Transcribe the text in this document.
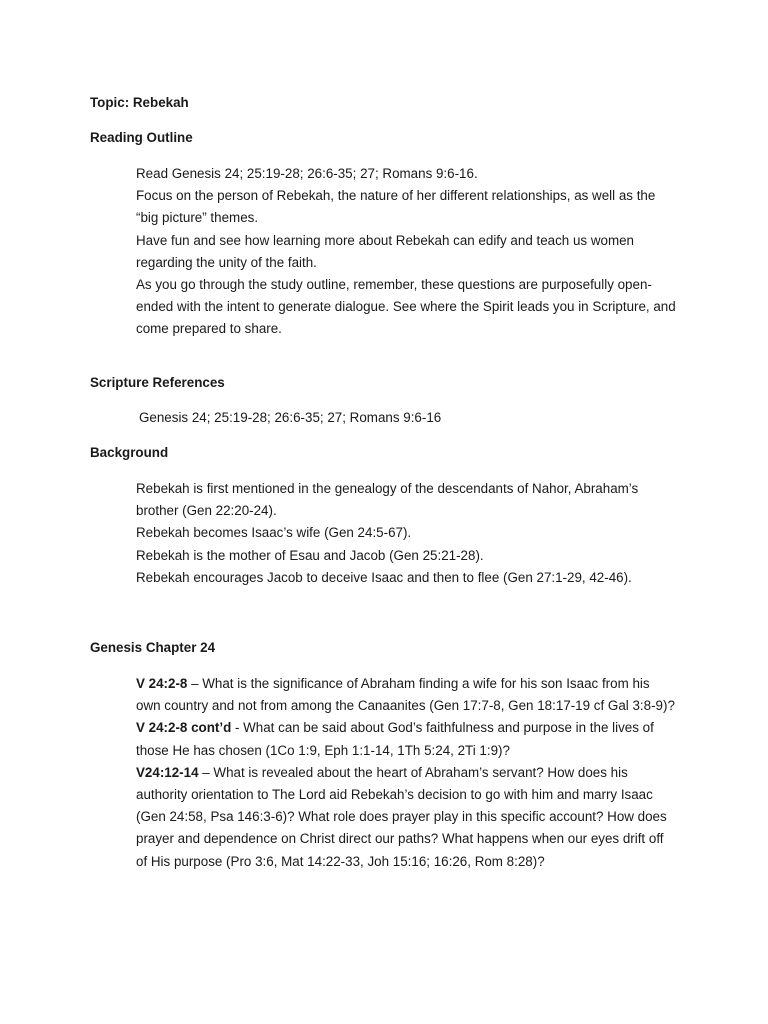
Topic: Rebekah
Reading Outline

Read Genesis 24; 25:19-28; 26:6-35; 27; Romans 9:6-16.

Focus on the person of Rebekah, the nature of her different relationships, as well as the “big picture” themes.

Have fun and see how learning more about Rebekah can edify and teach us women regarding the unity of the faith.

As you go through the study outline, remember, these questions are purposefully open-ended with the intent to generate dialogue. See where the Spirit leads you in Scripture, and come prepared to share.

Scripture References

Genesis 24; 25:19-28; 26:6-35; 27; Romans 9:6-16

Background

Rebekah is first mentioned in the genealogy of the descendants of Nahor, Abraham’s brother (Gen 22:20-24).

Rebekah becomes Isaac’s wife (Gen 24:5-67).

Rebekah is the mother of Esau and Jacob (Gen 25:21-28).

Rebekah encourages Jacob to deceive Isaac and then to flee (Gen 27:1-29, 42-46).

Genesis Chapter 24

V 24:2-8 – What is the significance of Abraham finding a wife for his son Isaac from his own country and not from among the Canaanites (Gen 17:7-8, Gen 18:17-19 cf Gal 3:8-9)?

V 24:2-8 cont’d - What can be said about God’s faithfulness and purpose in the lives of those He has chosen (1Co 1:9, Eph 1:1-14, 1Th 5:24, 2Ti 1:9)?

V24:12-14 – What is revealed about the heart of Abraham’s servant? How does his authority orientation to The Lord aid Rebekah’s decision to go with him and marry Isaac (Gen 24:58, Psa 146:3-6)? What role does prayer play in this specific account? How does prayer and dependence on Christ direct our paths? What happens when our eyes drift off of His purpose (Pro 3:6, Mat 14:22-33, Joh 15:16; 16:26, Rom 8:28)?
